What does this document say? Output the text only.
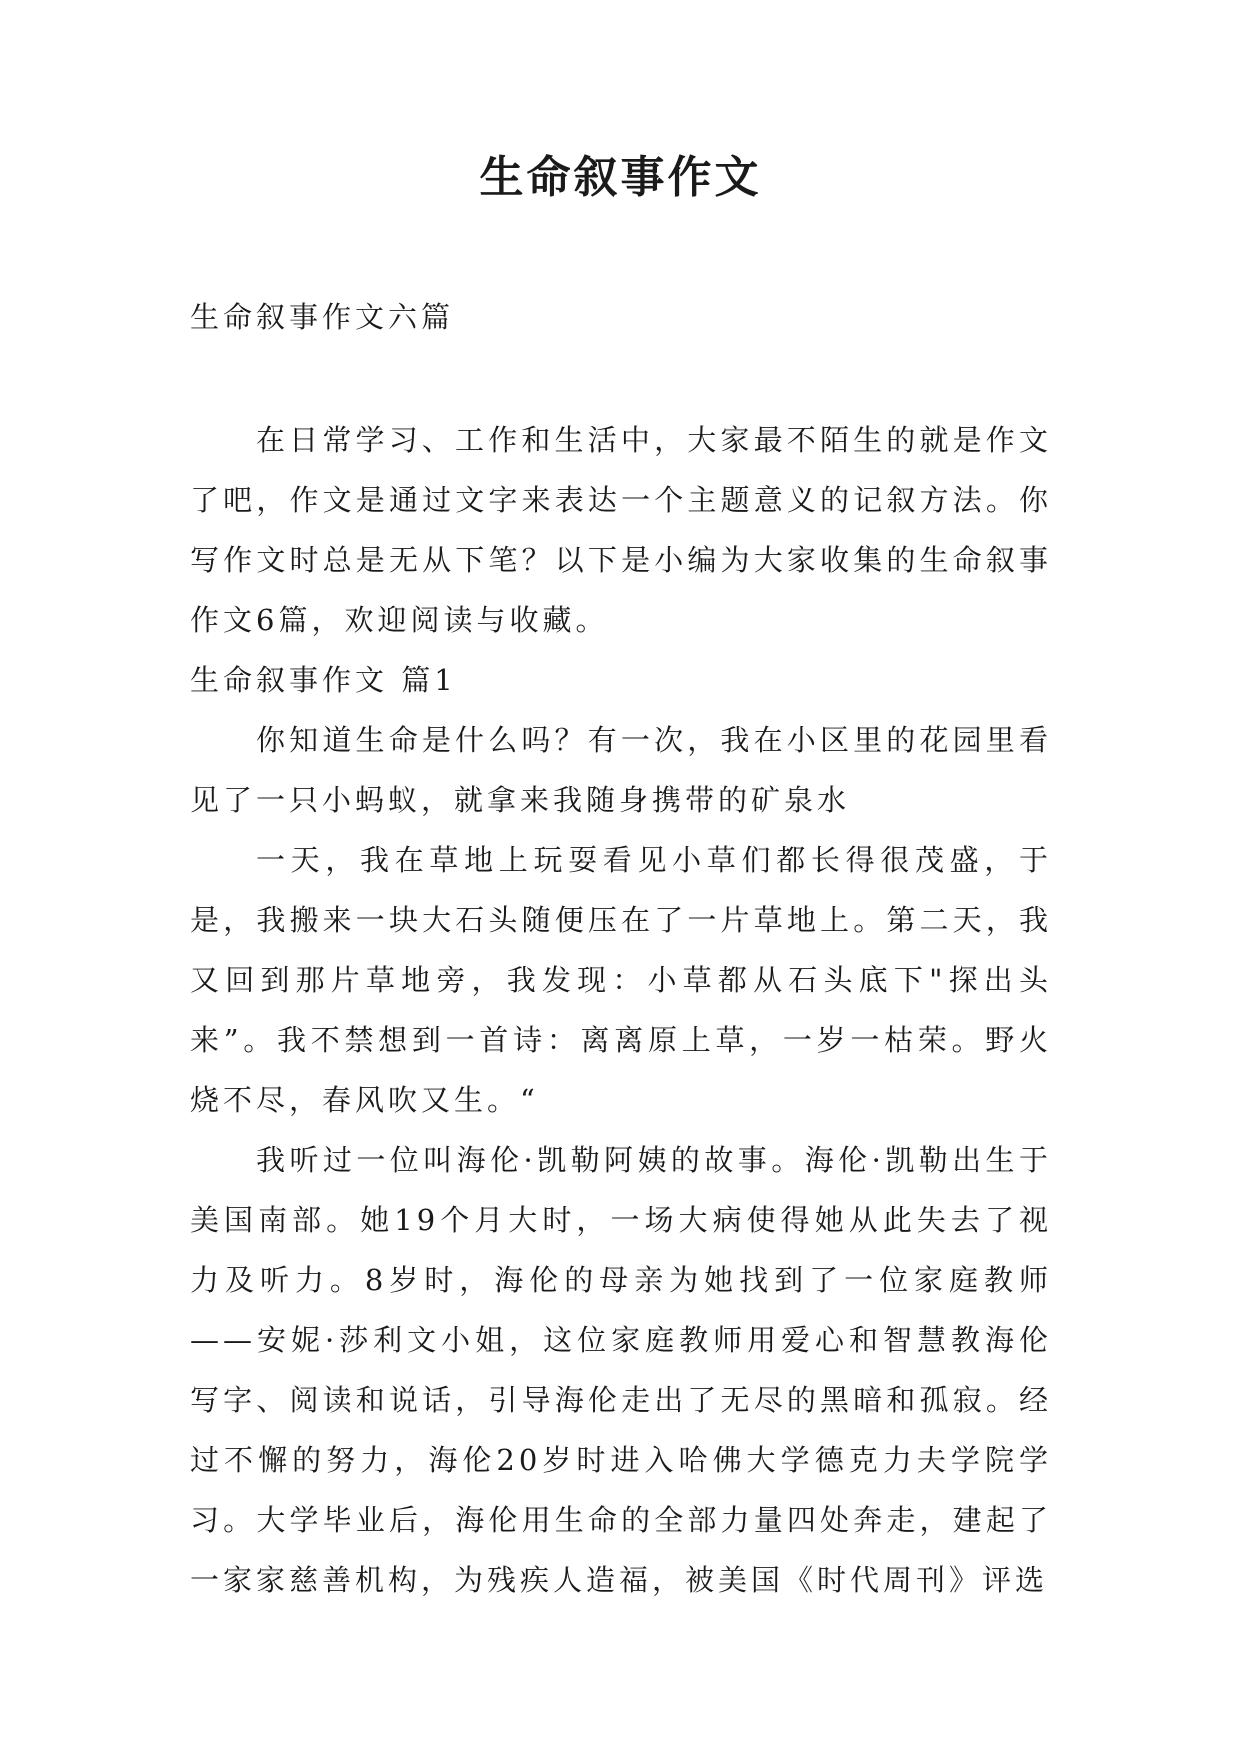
生命叙事作文

生命叙事作文六篇

在日常学习、工作和生活中，大家最不陌生的就是作文了吧，作文是通过文字来表达一个主题意义的记叙方法。你写作文时总是无从下笔？以下是小编为大家收集的生命叙事作文6篇，欢迎阅读与收藏。

生命叙事作文 篇1

你知道生命是什么吗？有一次，我在小区里的花园里看见了一只小蚂蚁，就拿来我随身携带的矿泉水

一天，我在草地上玩耍看见小草们都长得很茂盛，于是，我搬来一块大石头随便压在了一片草地上。第二天，我又回到那片草地旁，我发现：小草都从石头底下"探出头来”。我不禁想到一首诗：离离原上草，一岁一枯荣。野火烧不尽，春风吹又生。“

我听过一位叫海伦·凯勒阿姨的故事。海伦·凯勒出生于美国南部。她19个月大时，一场大病使得她从此失去了视力及听力。8岁时，海伦的母亲为她找到了一位家庭教师——安妮·莎利文小姐，这位家庭教师用爱心和智慧教海伦写字、阅读和说话，引导海伦走出了无尽的黑暗和孤寂。经过不懈的努力，海伦20岁时进入哈佛大学德克力夫学院学习。大学毕业后，海伦用生命的全部力量四处奔走，建起了一家家慈善机构，为残疾人造福，被美国《时代周刊》评选
